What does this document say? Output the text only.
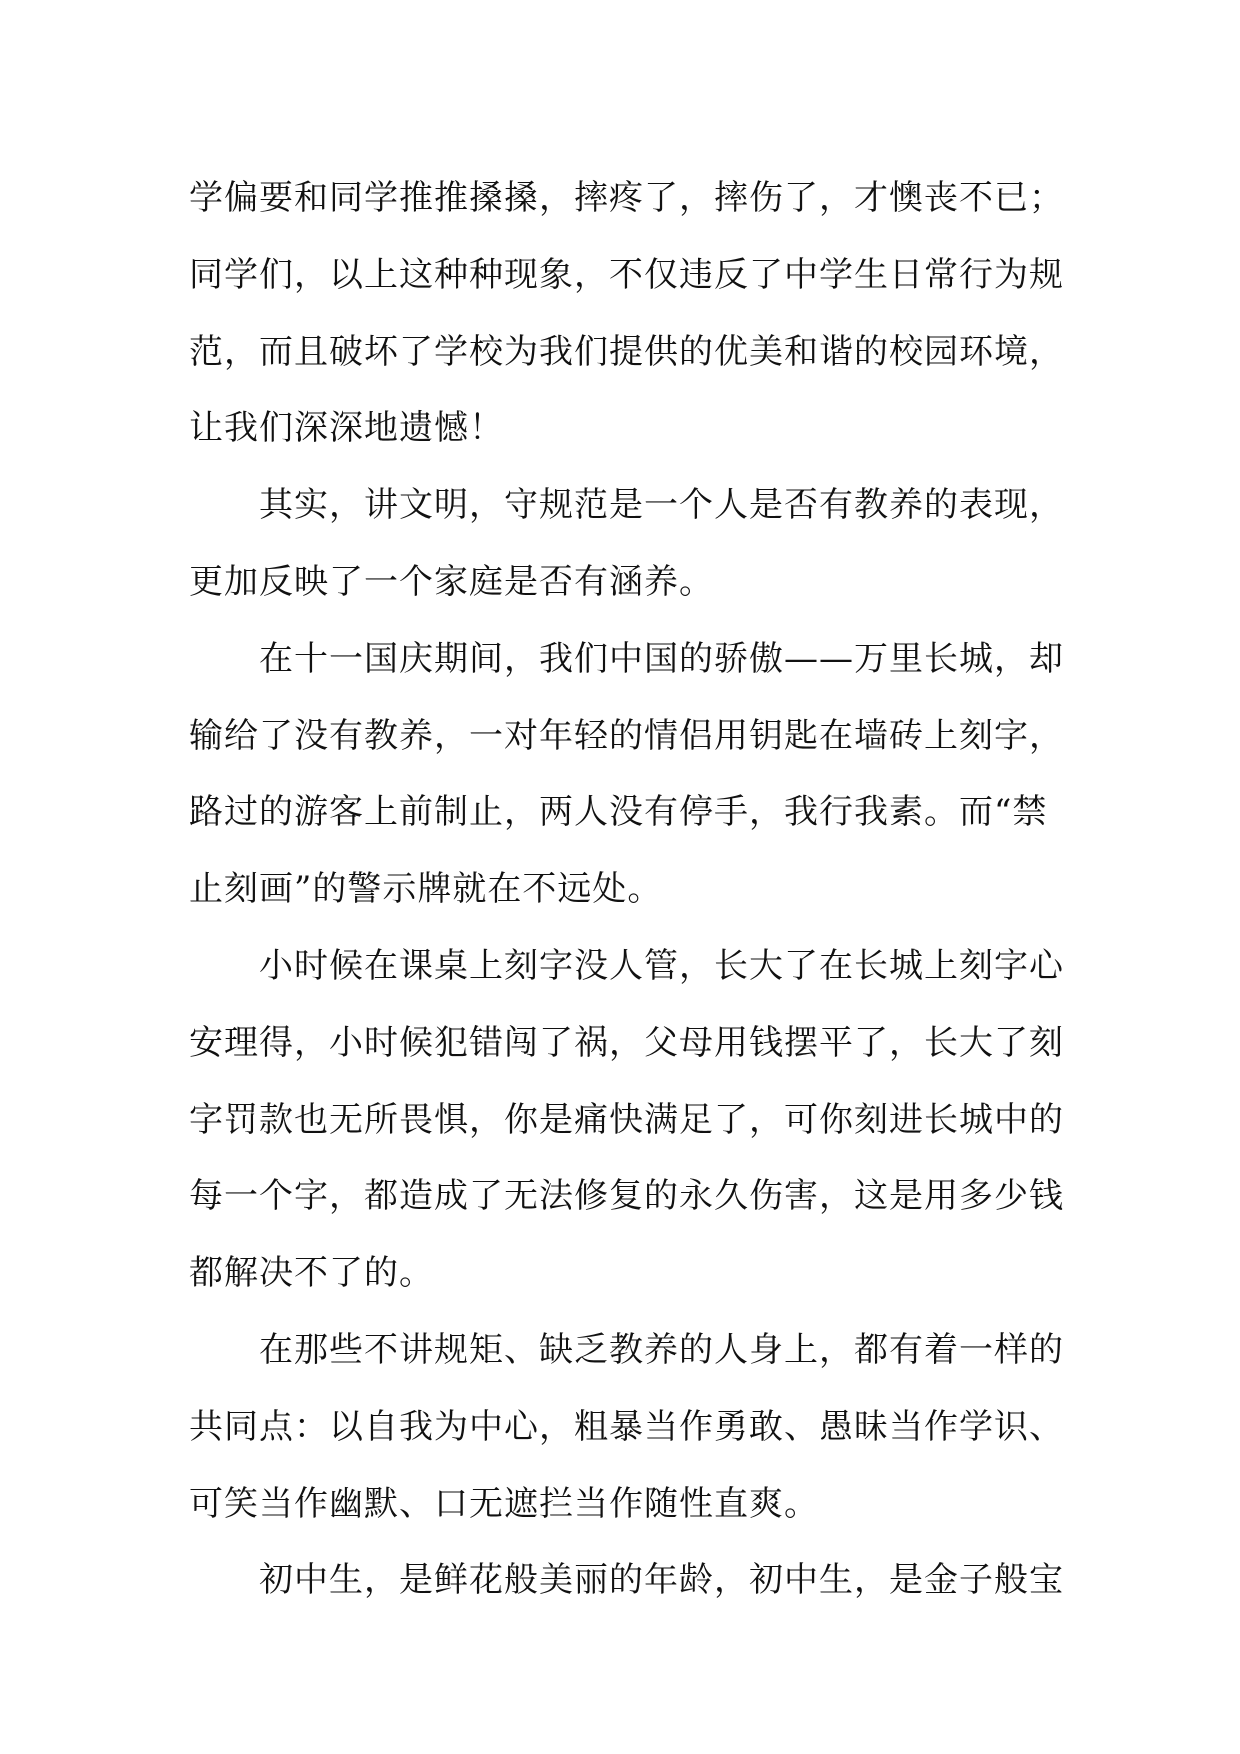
学偏要和同学推推搡搡，摔疼了，摔伤了，才懊丧不已；
同学们，以上这种种现象，不仅违反了中学生日常行为规
范，而且破坏了学校为我们提供的优美和谐的校园环境，
让我们深深地遗憾！
其实，讲文明，守规范是一个人是否有教养的表现，
更加反映了一个家庭是否有涵养。
在十一国庆期间，我们中国的骄傲——万里长城，却
输给了没有教养，一对年轻的情侣用钥匙在墙砖上刻字，
路过的游客上前制止，两人没有停手，我行我素。而“禁
止刻画”的警示牌就在不远处。
小时候在课桌上刻字没人管，长大了在长城上刻字心
安理得，小时候犯错闯了祸，父母用钱摆平了，长大了刻
字罚款也无所畏惧，你是痛快满足了，可你刻进长城中的
每一个字，都造成了无法修复的永久伤害，这是用多少钱
都解决不了的。
在那些不讲规矩、缺乏教养的人身上，都有着一样的
共同点：以自我为中心，粗暴当作勇敢、愚昧当作学识、
可笑当作幽默、口无遮拦当作随性直爽。
初中生，是鲜花般美丽的年龄，初中生，是金子般宝
